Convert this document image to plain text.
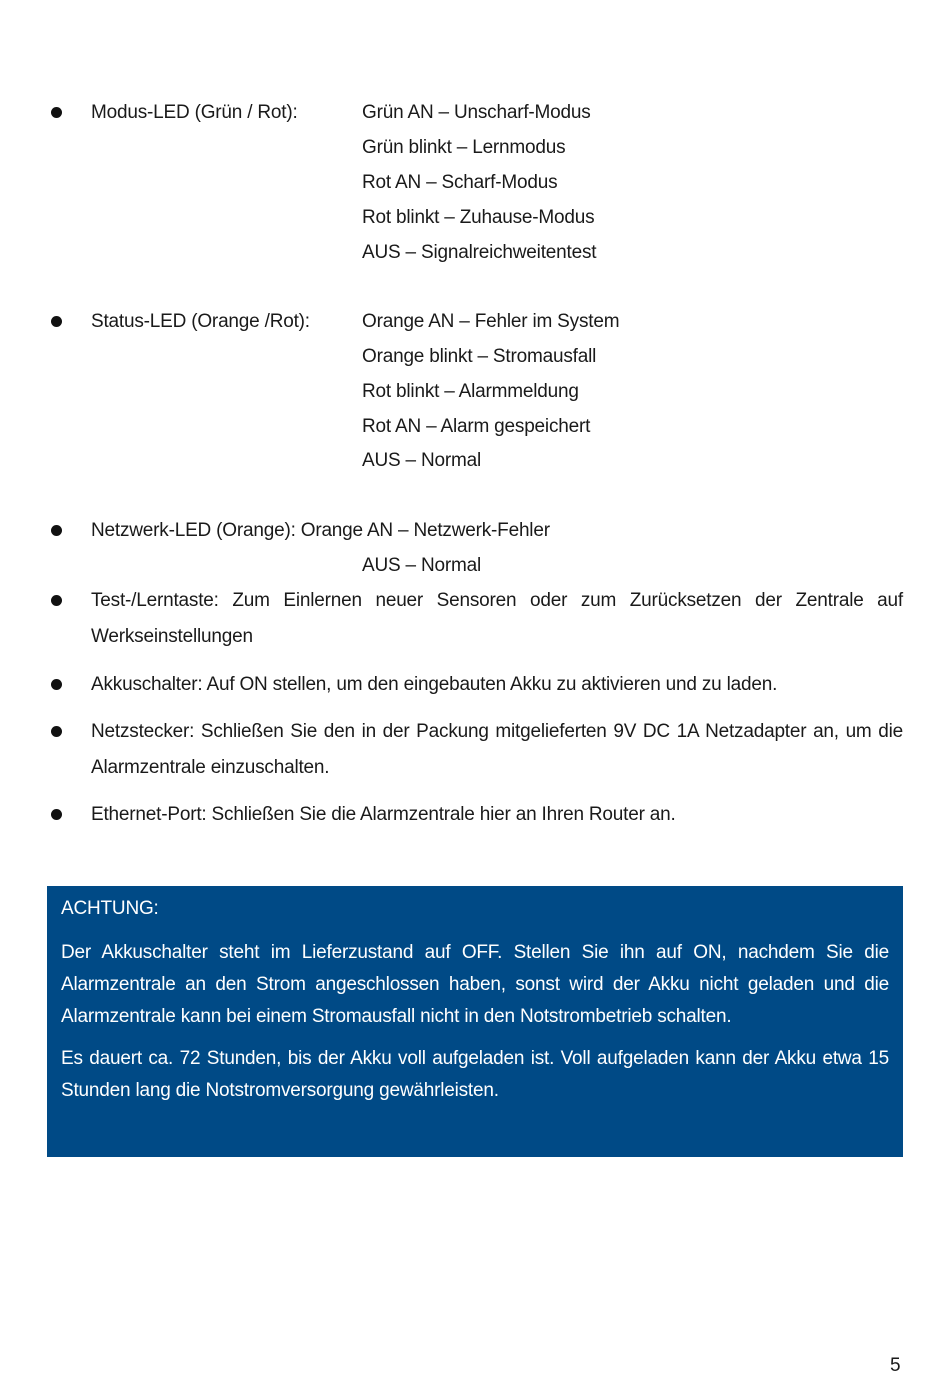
Modus-LED (Grün / Rot):	Grün AN – Unscharf-Modus
Grün blinkt – Lernmodus
Rot AN – Scharf-Modus
Rot blinkt – Zuhause-Modus
AUS – Signalreichweitentest
Status-LED (Orange /Rot):	Orange AN – Fehler im System
Orange blinkt – Stromausfall
Rot blinkt – Alarmmeldung
Rot AN – Alarm gespeichert
AUS – Normal
Netzwerk-LED (Orange): Orange AN – Netzwerk-Fehler
AUS – Normal
Test-/Lerntaste: Zum Einlernen neuer Sensoren oder zum Zurücksetzen der Zentrale auf Werkseinstellungen
Akkuschalter: Auf ON stellen, um den eingebauten Akku zu aktivieren und zu laden.
Netzstecker: Schließen Sie den in der Packung mitgelieferten 9V DC 1A Netzadapter an, um die Alarmzentrale einzuschalten.
Ethernet-Port: Schließen Sie die Alarmzentrale hier an Ihren Router an.
ACHTUNG:
Der Akkuschalter steht im Lieferzustand auf OFF. Stellen Sie ihn auf ON, nachdem Sie die Alarmzentrale an den Strom angeschlossen haben, sonst wird der Akku nicht geladen und die Alarmzentrale kann bei einem Stromausfall nicht in den Notstrombetrieb schalten.
Es dauert ca. 72 Stunden, bis der Akku voll aufgeladen ist. Voll aufgeladen kann der Akku etwa 15 Stunden lang die Notstromversorgung gewährleisten.
5
